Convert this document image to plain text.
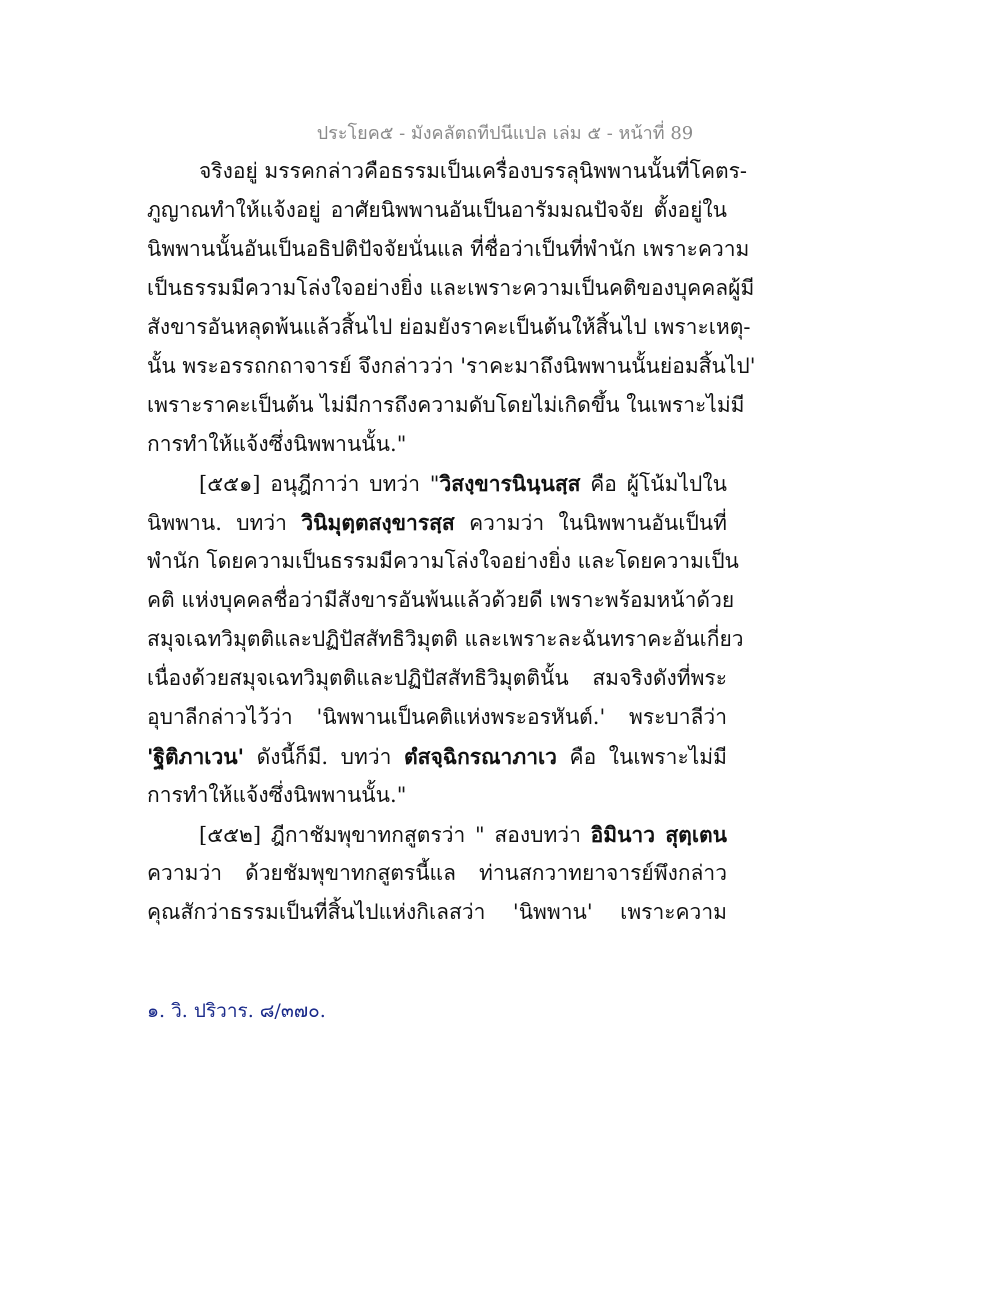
ประโยค๕ - มังคลัตถทีปนีแปล เล่ม ๕ - หน้าที่ 89
จริงอยู่ มรรคกล่าวคือธรรมเป็นเครื่องบรรลุนิพพานนั้นที่โคตร-
ภูญาณทำให้แจ้งอยู่ อาศัยนิพพานอันเป็นอารัมมณปัจจัย ตั้งอยู่ใน
นิพพานนั้นอันเป็นอธิปติปัจจัยนั่นแล ที่ชื่อว่าเป็นที่พำนัก เพราะความ
เป็นธรรมมีความโล่งใจอย่างยิ่ง และเพราะความเป็นคติของบุคคลผู้มี
สังขารอันหลุดพ้นแล้วสิ้นไป ย่อมยังราคะเป็นต้นให้สิ้นไป เพราะเหตุ-
นั้น พระอรรถกถาจารย์ จึงกล่าวว่า 'ราคะมาถึงนิพพานนั้นย่อมสิ้นไป'
เพราะราคะเป็นต้น ไม่มีการถึงความดับโดยไม่เกิดขึ้น ในเพราะไม่มี
การทำให้แจ้งซึ่งนิพพานนั้น."
[๕๕๑] อนุฎีกาว่า บทว่า "วิสงฺขารนินฺนสฺส คือ ผู้โน้มไปใน
นิพพาน. บทว่า วินิมุตฺตสงฺขารสฺส ความว่า ในนิพพานอันเป็นที่
พำนัก โดยความเป็นธรรมมีความโล่งใจอย่างยิ่ง และโดยความเป็น
คติ แห่งบุคคลชื่อว่ามีสังขารอันพ้นแล้วด้วยดี เพราะพร้อมหน้าด้วย
สมุจเฉทวิมุตติและปฏิปัสสัทธิวิมุตติ และเพราะละฉันทราคะอันเกี่ยว
เนื่องด้วยสมุจเฉทวิมุตติและปฏิปัสสัทธิวิมุตตินั้น สมจริงดังที่พระ
อุบาลีกล่าวไว้ว่า 'นิพพานเป็นคติแห่งพระอรหันต์.' พระบาลีว่า
'ฐิติภาเวน' ดังนี้ก็มี. บทว่า ตํสจฺฉิกรณาภาเว คือ ในเพราะไม่มี
การทำให้แจ้งซึ่งนิพพานนั้น."
[๕๕๒] ฎีกาชัมพุขาทกสูตรว่า " สองบทว่า อิมินาว สุตฺเตน
ความว่า ด้วยชัมพุขาทกสูตรนี้แล ท่านสกวาทยาจารย์พึงกล่าว
คุณสักว่าธรรมเป็นที่สิ้นไปแห่งกิเลสว่า 'นิพพาน' เพราะความ
๑. วิ. ปริวาร. ๘/๓๗๐.
